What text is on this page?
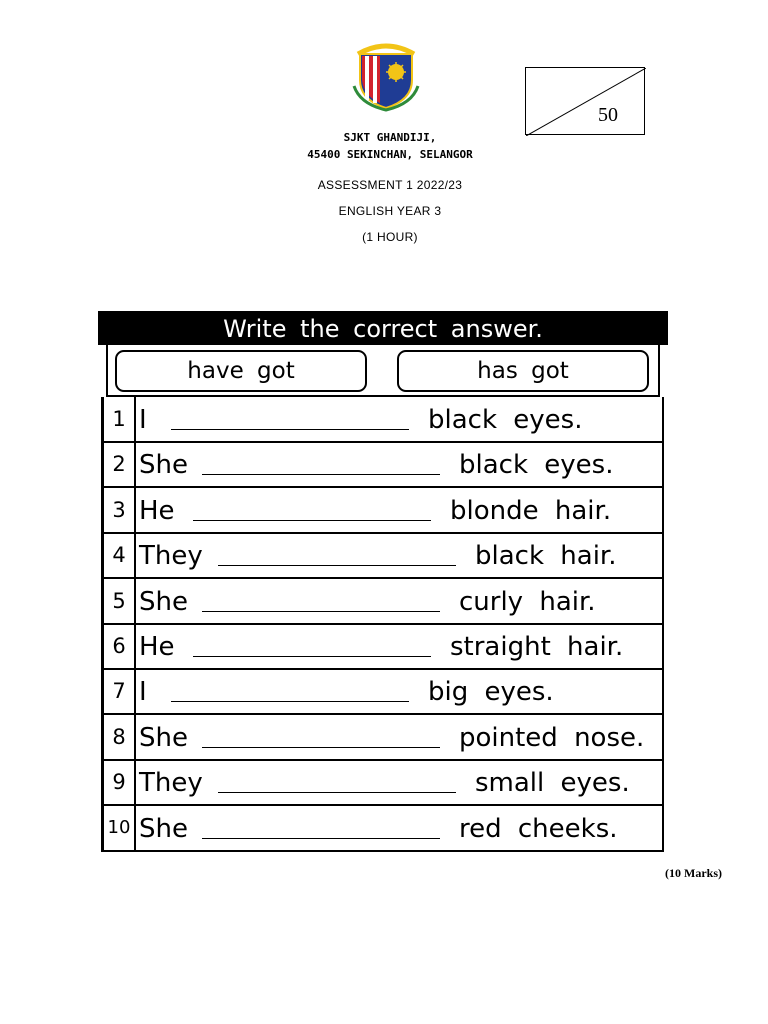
50
SJKT GHANDIJI,
45400 SEKINCHAN, SELANGOR
ASSESSMENT 1 2022/23
ENGLISH YEAR 3
(1 HOUR)
Write the correct answer.
have got	has got
1 I	black eyes.
2 She	black eyes.
3 He	blonde hair.
4 They	black hair.
5 She	curly hair.
6 He	straight hair.
7 I	big eyes.
8 She	pointed nose.
9 They	small eyes.
10 She	red cheeks.
(10 Marks)
